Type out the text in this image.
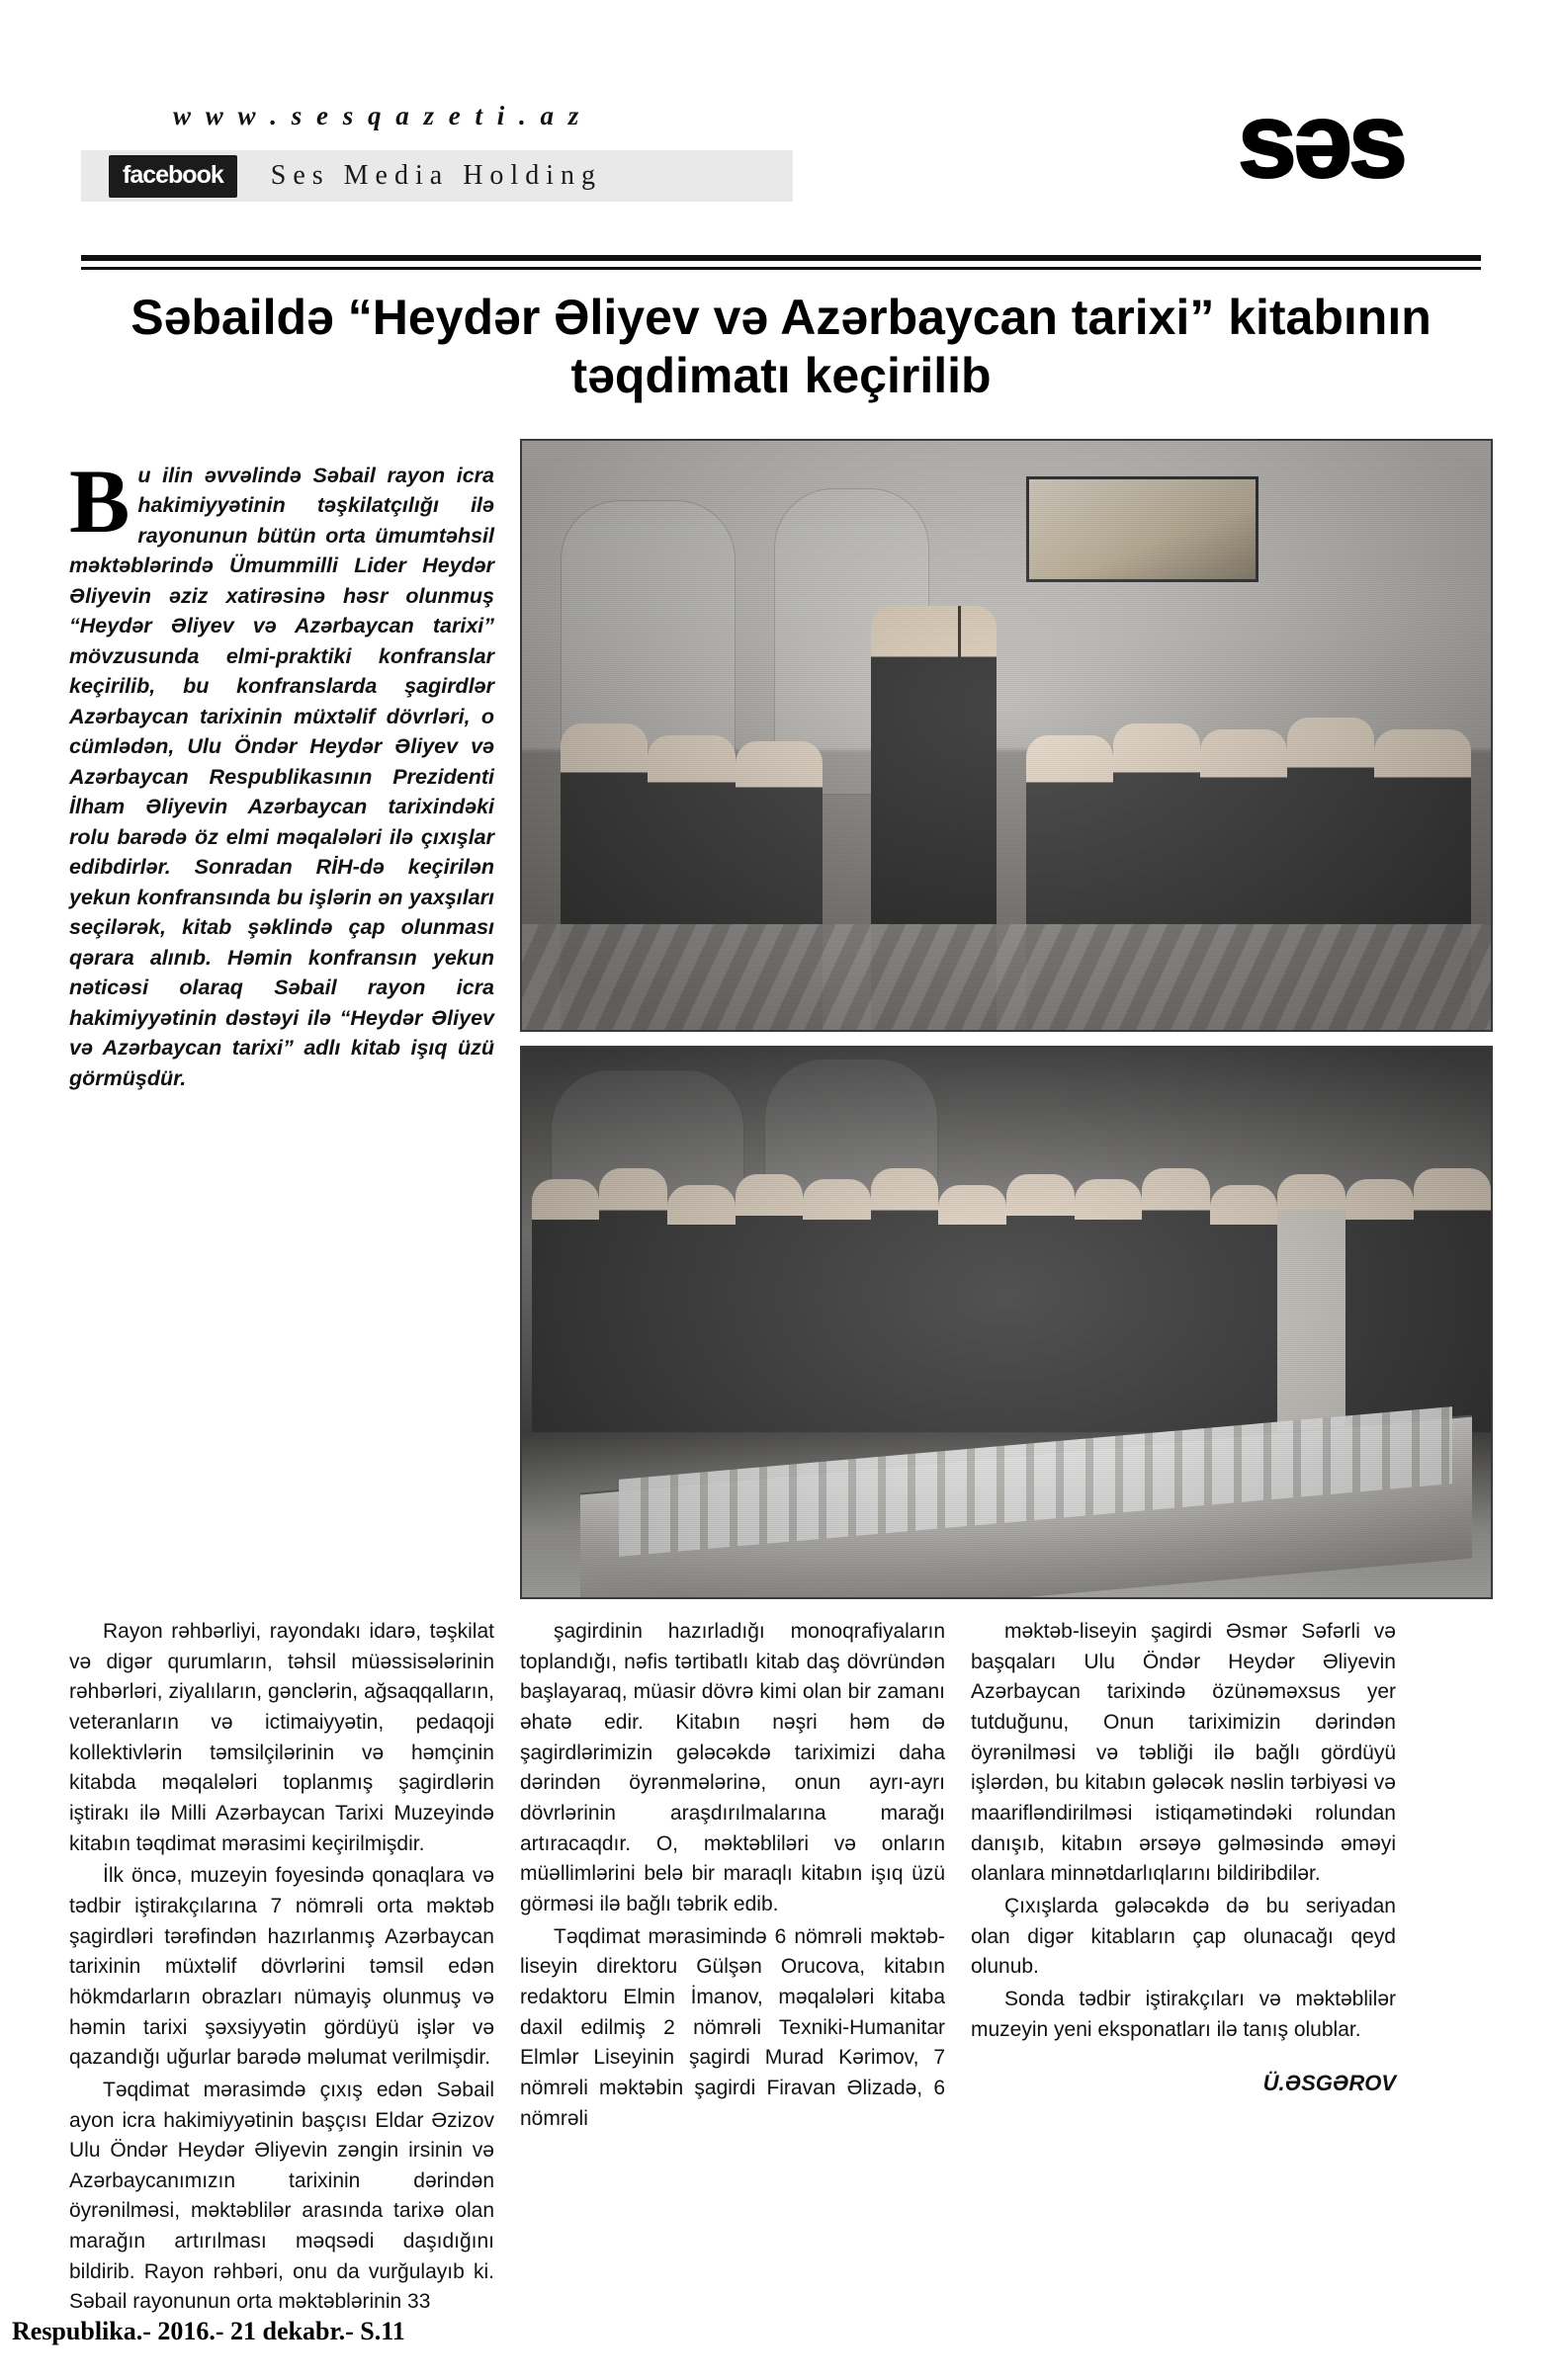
w w w . s e s q a z e t i . a z
facebook	Ses Media Holding	səs
Səbaildə “Heydər Əliyev və Azərbaycan tarixi” kitabının təqdimatı keçirilib

Bu ilin əvvəlində Səbail rayon icra hakimiyyətinin təşkilatçılığı ilə rayonunun bütün orta ümumtəhsil məktəblərində Ümummilli Lider Heydər Əliyevin əziz xatirəsinə həsr olunmuş “Heydər Əliyev və Azərbaycan tarixi” mövzusunda elmi-praktiki konfranslar keçirilib, bu konfranslarda şagirdlər Azərbaycan tarixinin müxtəlif dövrləri, o cümlədən, Ulu Öndər Heydər Əliyev və Azərbaycan Respublikasının Prezidenti İlham Əliyevin Azərbaycan tarixindəki rolu barədə öz elmi məqalələri ilə çıxışlar edibdirlər. Sonradan RİH-də keçirilən yekun konfransında bu işlərin ən yaxşıları seçilərək, kitab şəklində çap olunması qərara alınıb. Həmin konfransın yekun nəticəsi olaraq Səbail rayon icra hakimiyyətinin dəstəyi ilə “Heydər Əliyev və Azərbaycan tarixi” adlı kitab işıq üzü görmüşdür.

Rayon rəhbərliyi, rayondakı idarə, təşkilat və digər qurumların, təhsil müəssisələrinin rəhbərləri, ziyalıların, gənclərin, ağsaqqalların, veteranların və ictimaiyyətin, pedaqoji kollektivlərin təmsilçilərinin və həmçinin kitabda məqalələri toplanmış şagirdlərin iştirakı ilə Milli Azərbaycan Tarixi Muzeyində kitabın təqdimat mərasimi keçirilmişdir.

İlk öncə, muzeyin foyesində qonaqlara və tədbir iştirakçılarına 7 nömrəli orta məktəb şagirdləri tərəfindən hazırlanmış Azərbaycan tarixinin müxtəlif dövrlərini təmsil edən hökmdarların obrazları nümayiş olunmuş və həmin tarixi şəxsiyyətin gördüyü işlər və qazandığı uğurlar barədə məlumat verilmişdir.

Təqdimat mərasimdə çıxış edən Səbail ayon icra hakimiyyətinin başçısı Eldar Əzizov Ulu Öndər Heydər Əliyevin zəngin irsinin və Azərbaycanımızın tarixinin dərindən öyrənilməsi, məktəblilər arasında tarixə olan marağın artırılması məqsədi daşıdığını bildirib. Rayon rəhbəri, onu da vurğulayıb ki. Səbail rayonunun orta məktəblərinin 33

şagirdinin hazırladığı monoqrafiyaların toplandığı, nəfis tərtibatlı kitab daş dövründən başlayaraq, müasir dövrə kimi olan bir zamanı əhatə edir. Kitabın nəşri həm də şagirdlərimizin gələcəkdə tariximizi daha dərindən öyrənmələrinə, onun ayrı-ayrı dövrlərinin araşdırılmalarına marağı artıracaqdır. O, məktəbliləri və onların müəllimlərini belə bir maraqlı kitabın işıq üzü görməsi ilə bağlı təbrik edib.

Təqdimat mərasimində 6 nömrəli məktəb-liseyin direktoru Gülşən Orucova, kitabın redaktoru Elmin İmanov, məqalələri kitaba daxil edilmiş 2 nömrəli Texniki-Humanitar Elmlər Liseyinin şagirdi Murad Kərimov, 7 nömrəli məktəbin şagirdi Firavan Əlizadə, 6 nömrəli

məktəb-liseyin şagirdi Əsmər Səfərli və başqaları Ulu Öndər Heydər Əliyevin Azərbaycan tarixində özünəməxsus yer tutduğunu, Onun tariximizin dərindən öyrənilməsi və təbliği ilə bağlı gördüyü işlərdən, bu kitabın gələcək nəslin tərbiyəsi və maarifləndirilməsi istiqamətindəki rolundan danışıb, kitabın ərsəyə gəlməsində əməyi olanlara minnətdarlıqlarını bildiribdilər.

Çıxışlarda gələcəkdə də bu seriyadan olan digər kitabların çap olunacağı qeyd olunub.

Sonda tədbir iştirakçıları və məktəblilər muzeyin yeni eksponatları ilə tanış olublar.

Ü.ƏSGƏROV
Respublika.- 2016.- 21 dekabr.- S.11
